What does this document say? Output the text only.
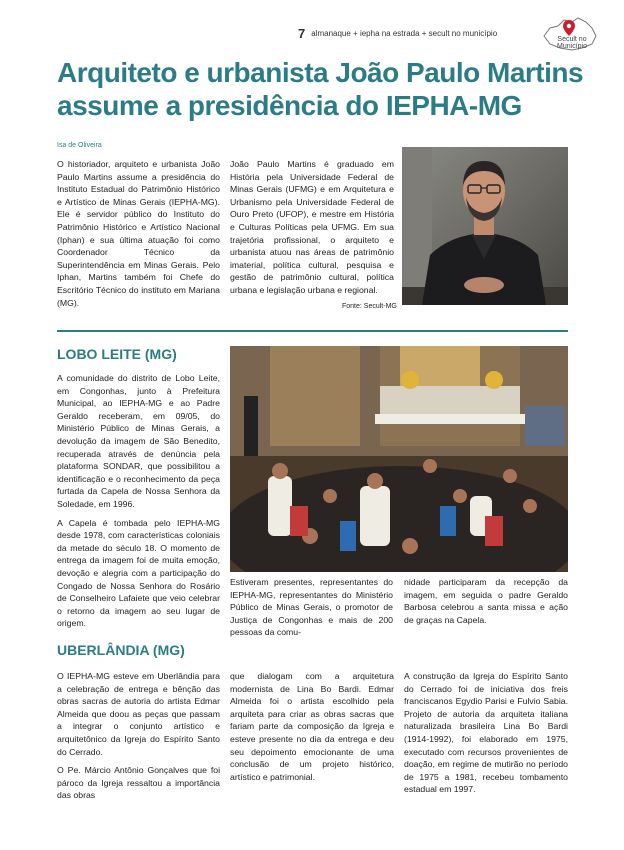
7 almanaque + iepha na estrada + secult no município
Secult no
Município
Arquiteto e urbanista João Paulo Martins assume a presidência do IEPHA-MG
Isa de Oliveira

O historiador, arquiteto e urbanista João Paulo Martins assume a presidência do Instituto Estadual do Patrimônio Histórico e Artístico de Minas Gerais (IEPHA-MG). Ele é servidor público do Instituto do Patrimônio Histórico e Artístico Nacional (Iphan) e sua última atuação foi como Coordenador Técnico da Superintendência em Minas Gerais. Pelo Iphan, Martins também foi Chefe do Escritório Técnico do instituto em Mariana (MG).

João Paulo Martins é graduado em História pela Universidade Federal de Minas Gerais (UFMG) e em Arquitetura e Urbanismo pela Universidade Federal de Ouro Preto (UFOP), e mestre em História e Culturas Políticas pela UFMG. Em sua trajetória profissional, o arquiteto e urbanista atuou nas áreas de patrimônio imaterial, política cultural, pesquisa e gestão de patrimônio cultural, política urbana e legislação urbana e regional.

Fonte: Secult-MG
LOBO LEITE (MG)

A comunidade do distrito de Lobo Leite, em Congonhas, junto à Prefeitura Municipal, ao IEPHA-MG e ao Padre Geraldo receberam, em 09/05, do Ministério Público de Minas Gerais, a devolução da imagem de São Benedito, recuperada através de denúncia pela plataforma SONDAR, que possibilitou a identificação e o reconhecimento da peça furtada da Capela de Nossa Senhora da Soledade, em 1996.

A Capela é tombada pelo IEPHA-MG desde 1978, com características coloniais da metade do século 18. O momento de entrega da imagem foi de muita emoção, devoção e alegria com a participação do Congado de Nossa Senhora do Rosário de Conselheiro Lafaiete que veio celebrar o retorno da imagem ao seu lugar de origem.

Estiveram presentes, representantes do IEPHA-MG, representantes do Ministério Público de Minas Gerais, o promotor de Justiça de Congonhas e mais de 200 pessoas da comu-

nidade participaram da recepção da imagem, em seguida o padre Geraldo Barbosa celebrou a santa missa e ação de graças na Capela.

UBERLÂNDIA (MG)

O IEPHA-MG esteve em Uberlândia para a celebração de entrega e bênção das obras sacras de autoria do artista Edmar Almeida que doou as peças que passam a integrar o conjunto artístico e arquitetônico da Igreja do Espírito Santo do Cerrado.

O Pe. Márcio Antônio Gonçalves que foi pároco da Igreja ressaltou a importância das obras

que dialogam com a arquitetura modernista de Lina Bo Bardi. Edmar Almeida foi o artista escolhido pela arquiteta para criar as obras sacras que fariam parte da composição da Igreja e esteve presente no dia da entrega e deu seu depoimento emocionante de uma conclusão de um projeto histórico, artístico e patrimonial.

A construção da Igreja do Espírito Santo do Cerrado foi de iniciativa dos freis franciscanos Egydio Parisi e Fulvio Sabia. Projeto de autoria da arquiteta italiana naturalizada brasileira Lina Bo Bardi (1914-1992), foi elaborado em 1975, executado com recursos provenientes de doação, em regime de mutirão no período de 1975 a 1981, recebeu tombamento estadual em 1997.
